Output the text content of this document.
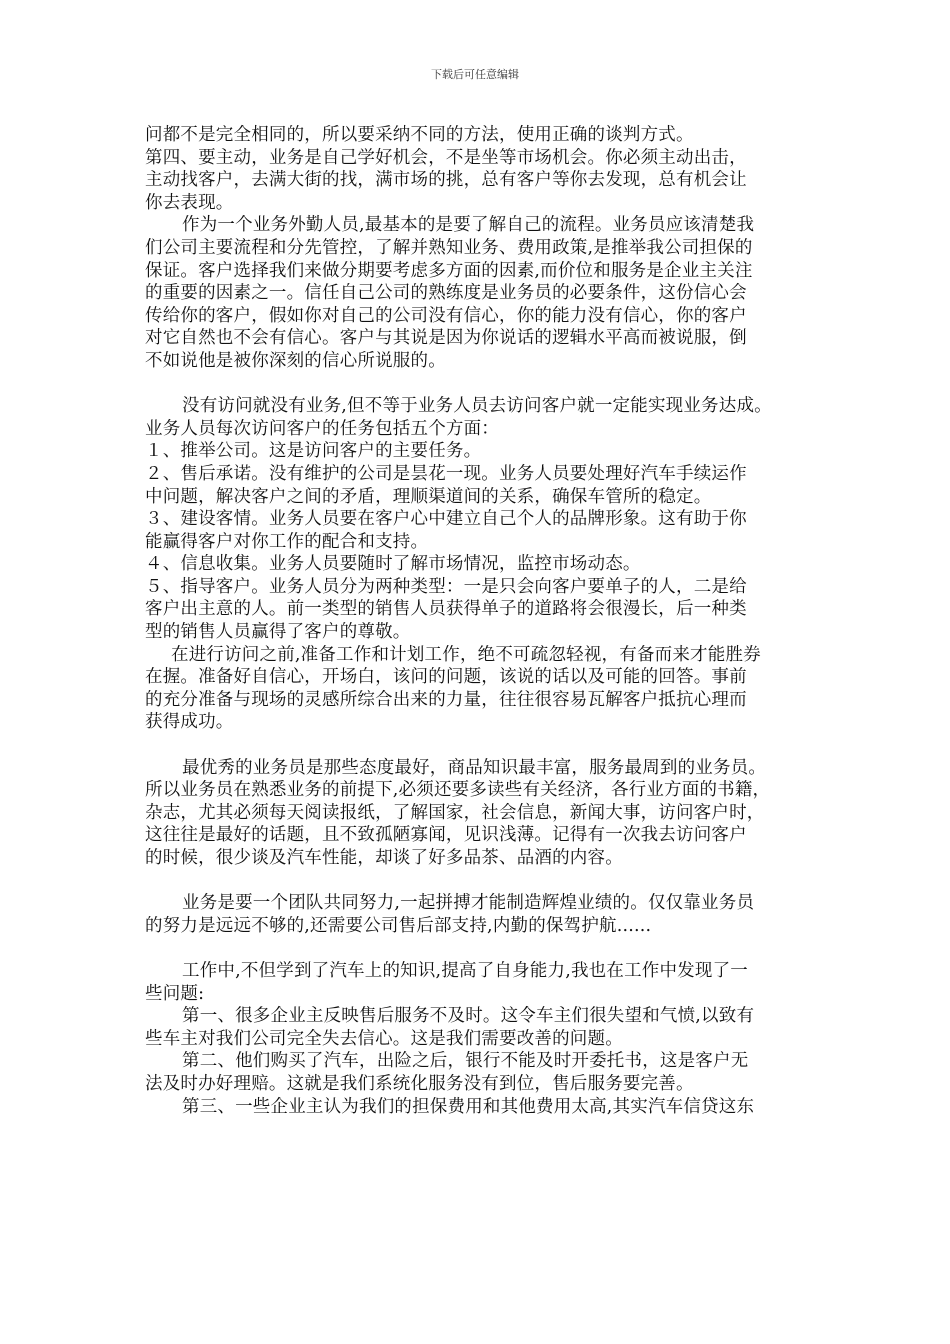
下载后可任意编辑

问都不是完全相同的，所以要采纳不同的方法，使用正确的谈判方式。

第四、要主动，业务是自己学好机会，不是坐等市场机会。你必须主动出击，

主动找客户，去满大街的找，满市场的挑，总有客户等你去发现，总有机会让

你去表现。

作为一个业务外勤人员,最基本的是要了解自己的流程。业务员应该清楚我

们公司主要流程和分先管控，了解并熟知业务、费用政策,是推举我公司担保的

保证。客户选择我们来做分期要考虑多方面的因素,而价位和服务是企业主关注

的重要的因素之一。信任自己公司的熟练度是业务员的必要条件，这份信心会

传给你的客户，假如你对自己的公司没有信心，你的能力没有信心，你的客户

对它自然也不会有信心。客户与其说是因为你说话的逻辑水平高而被说服，倒

不如说他是被你深刻的信心所说服的。

没有访问就没有业务,但不等于业务人员去访问客户就一定能实现业务达成。

业务人员每次访问客户的任务包括五个方面：

１、推举公司。这是访问客户的主要任务。

２、售后承诺。没有维护的公司是昙花一现。业务人员要处理好汽车手续运作

中问题，解决客户之间的矛盾，理顺渠道间的关系，确保车管所的稳定。

３、建设客情。业务人员要在客户心中建立自己个人的品牌形象。这有助于你

能赢得客户对你工作的配合和支持。

４、信息收集。业务人员要随时了解市场情况，监控市场动态。

５、指导客户。业务人员分为两种类型：一是只会向客户要单子的人，二是给

客户出主意的人。前一类型的销售人员获得单子的道路将会很漫长，后一种类

型的销售人员赢得了客户的尊敬。

在进行访问之前,准备工作和计划工作，绝不可疏忽轻视，有备而来才能胜券

在握。准备好自信心，开场白，该问的问题，该说的话以及可能的回答。事前

的充分准备与现场的灵感所综合出来的力量，往往很容易瓦解客户抵抗心理而

获得成功。

最优秀的业务员是那些态度最好，商品知识最丰富，服务最周到的业务员。

所以业务员在熟悉业务的前提下,必须还要多读些有关经济，各行业方面的书籍，

杂志，尤其必须每天阅读报纸，了解国家，社会信息，新闻大事，访问客户时，

这往往是最好的话题，且不致孤陋寡闻，见识浅薄。记得有一次我去访问客户

的时候，很少谈及汽车性能，却谈了好多品茶、品酒的内容。

业务是要一个团队共同努力,一起拼搏才能制造辉煌业绩的。仅仅靠业务员

的努力是远远不够的,还需要公司售后部支持,内勤的保驾护航......

工作中,不但学到了汽车上的知识,提高了自身能力,我也在工作中发现了一

些问题:

第一、很多企业主反映售后服务不及时。这令车主们很失望和气愤,以致有

些车主对我们公司完全失去信心。这是我们需要改善的问题。

第二、他们购买了汽车，出险之后，银行不能及时开委托书，这是客户无

法及时办好理赔。这就是我们系统化服务没有到位，售后服务要完善。

第三、一些企业主认为我们的担保费用和其他费用太高,其实汽车信贷这东
